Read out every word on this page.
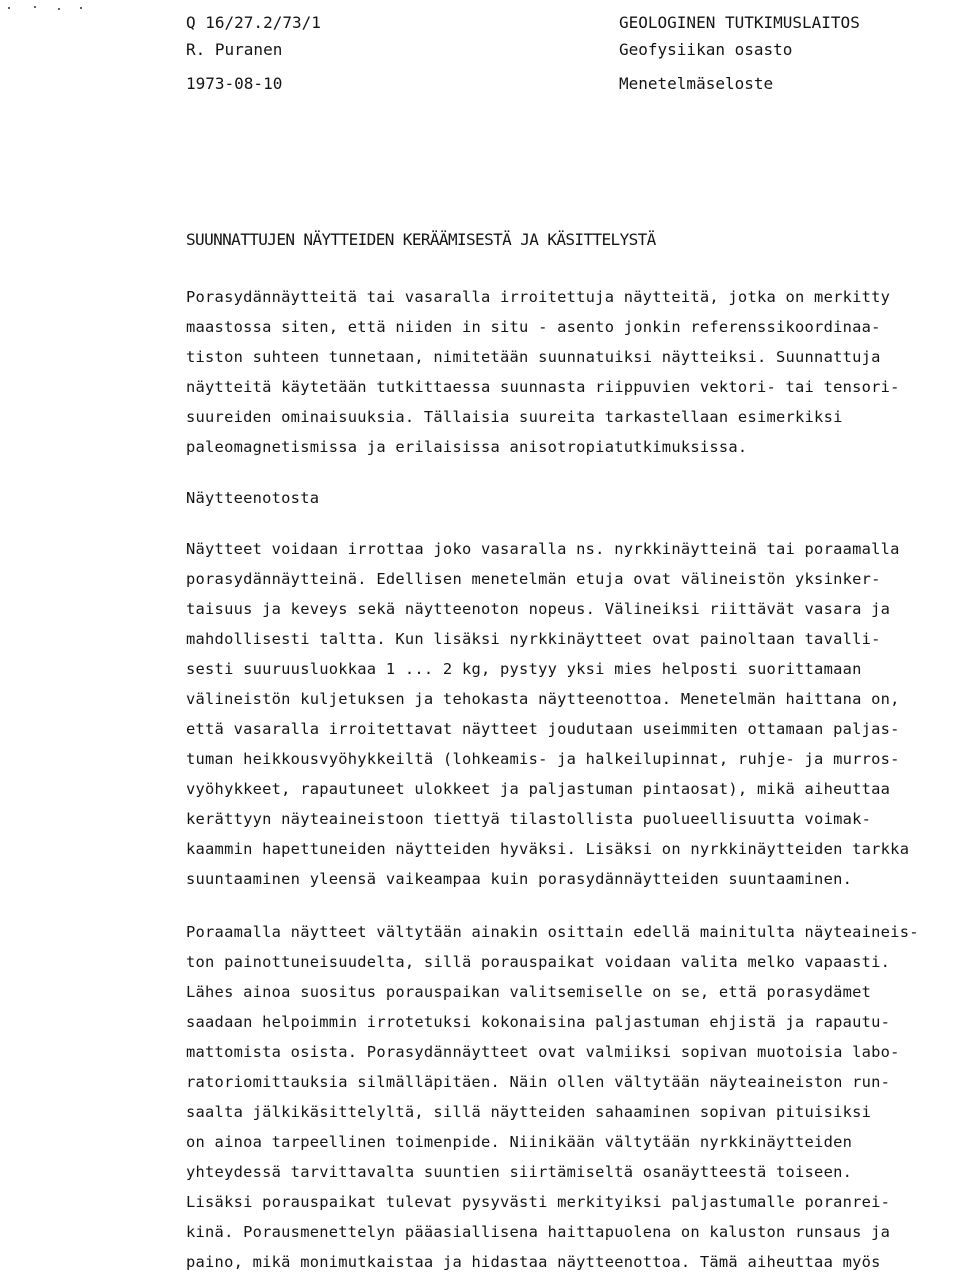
Q 16/27.2/73/1
R. Puranen
1973-08-10
GEOLOGINEN TUTKIMUSLAITOS
Geofysiikan osasto
Menetelmäseloste
SUUNNATTUJEN NÄYTTEIDEN KERÄÄMISESTÄ JA KÄSITTELYSTÄ
Porasydännäytteitä tai vasaralla irroitettuja näytteitä, jotka on merkitty
maastossa siten, että niiden in situ - asento jonkin referenssikoordinaa-
tiston suhteen tunnetaan, nimitetään suunnatuiksi näytteiksi. Suunnattuja
näytteitä käytetään tutkittaessa suunnasta riippuvien vektori- tai tensori-
suureiden ominaisuuksia. Tällaisia suureita tarkastellaan esimerkiksi
paleomagnetismissa ja erilaisissa anisotropiatutkimuksissa.
Näytteenotosta
Näytteet voidaan irrottaa joko vasaralla ns. nyrkkinäytteinä tai poraamalla
porasydännäytteinä. Edellisen menetelmän etuja ovat välineistön yksinker-
taisuus ja keveys sekä näytteenoton nopeus. Välineiksi riittävät vasara ja
mahdollisesti taltta. Kun lisäksi nyrkkinäytteet ovat painoltaan tavalli-
sesti suuruusluokkaa 1 ... 2 kg, pystyy yksi mies helposti suorittamaan
välineistön kuljetuksen ja tehokasta näytteenottoa. Menetelmän haittana on,
että vasaralla irroitettavat näytteet joudutaan useimmiten ottamaan paljas-
tuman heikkousvyöhykkeiltä (lohkeamis- ja halkeilupinnat, ruhje- ja murros-
vyöhykkeet, rapautuneet ulokkeet ja paljastuman pintaosat), mikä aiheuttaa
kerättyyn näyteaineistoon tiettyä tilastollista puolueellisuutta voimak-
kaammin hapettuneiden näytteiden hyväksi. Lisäksi on nyrkkinäytteiden tarkka
suuntaaminen yleensä vaikeampaa kuin porasydännäytteiden suuntaaminen.
Poraamalla näytteet vältytään ainakin osittain edellä mainitulta näyteaineis-
ton painottuneisuudelta, sillä porauspaikat voidaan valita melko vapaasti.
Lähes ainoa suositus porauspaikan valitsemiselle on se, että porasydämet
saadaan helpoimmin irrotetuksi kokonaisina paljastuman ehjistä ja rapautu-
mattomista osista. Porasydännäytteet ovat valmiiksi sopivan muotoisia labo-
ratoriomittauksia silmälläpitäen. Näin ollen vältytään näyteaineiston run-
saalta jälkikäsittelyltä, sillä näytteiden sahaaminen sopivan pituisiksi
on ainoa tarpeellinen toimenpide. Niinikään vältytään nyrkkinäytteiden
yhteydessä tarvittavalta suuntien siirtämiseltä osanäytteestä toiseen.
Lisäksi porauspaikat tulevat pysyvästi merkityiksi paljastumalle poranrei-
kinä. Porausmenettelyn pääasiallisena haittapuolena on kaluston runsaus ja
paino, mikä monimutkaistaa ja hidastaa näytteenottoa. Tämä aiheuttaa myös
